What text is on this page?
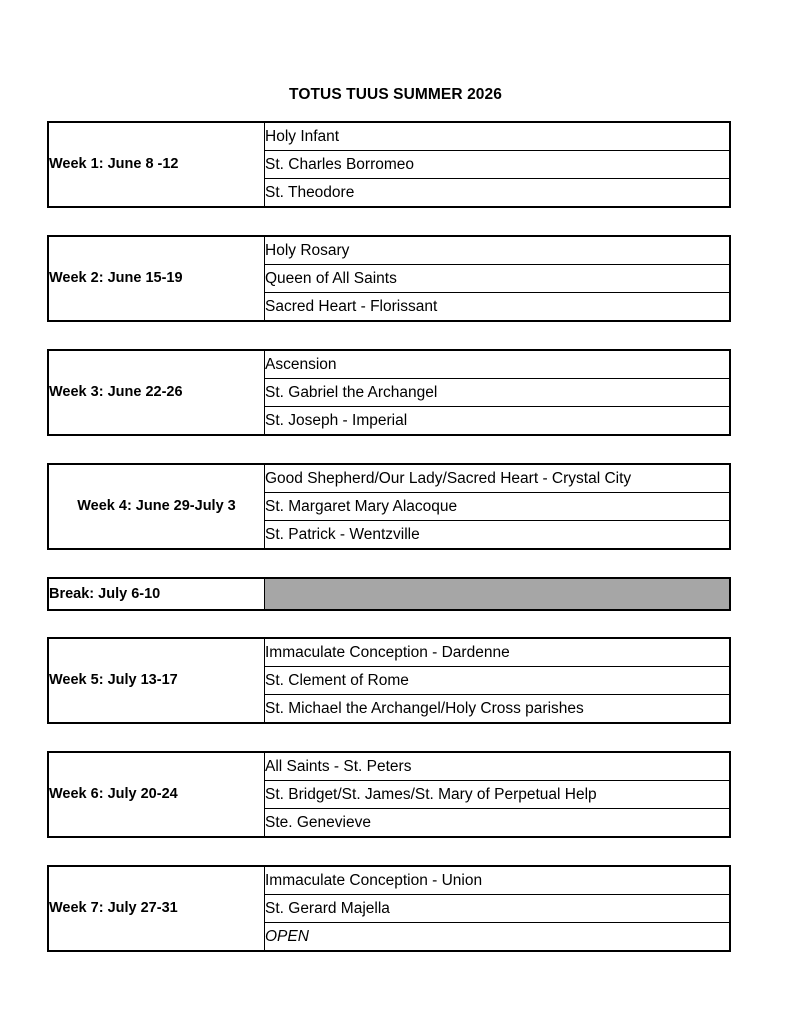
TOTUS TUUS SUMMER 2026
Week 1: June 8 -12	Holy Infant
St. Charles Borromeo
St. Theodore
Week 2: June 15-19	Holy Rosary
Queen of All Saints
Sacred Heart - Florissant
Week 3: June 22-26	Ascension
St. Gabriel the Archangel
St. Joseph - Imperial
Week 4: June 29-July 3	Good Shepherd/Our Lady/Sacred Heart - Crystal City
St. Margaret Mary Alacoque
St. Patrick - Wentzville
Break: July 6-10	
Week 5: July 13-17	Immaculate Conception - Dardenne
St. Clement of Rome
St. Michael the Archangel/Holy Cross parishes
Week 6: July 20-24	All Saints - St. Peters
St. Bridget/St. James/St. Mary of Perpetual Help
Ste. Genevieve
Week 7: July 27-31	Immaculate Conception - Union
St. Gerard Majella
OPEN
